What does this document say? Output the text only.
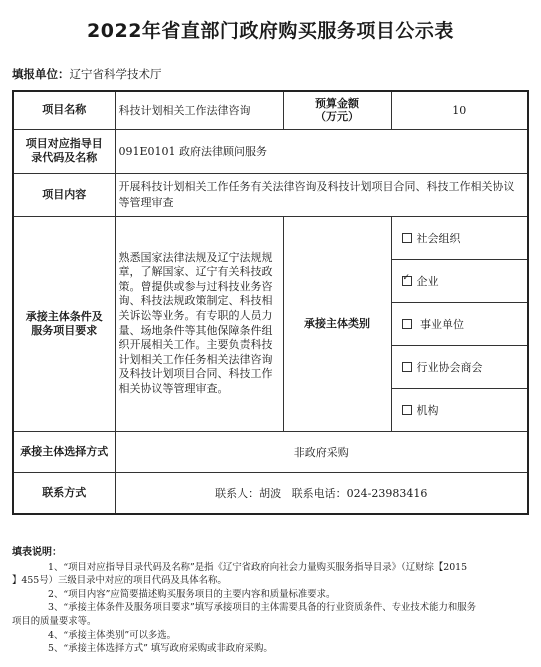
2022年省直部门政府购买服务项目公示表
填报单位：辽宁省科学技术厅
项目名称	科技计划相关工作法律咨询	预算金额
（万元）	10
项目对应指导目
录代码及名称	091E0101 政府法律顾问服务		
项目内容	开展科技计划相关工作任务有关法律咨询及科技计划项目合同、科技工作相关协议等管理审查		
承接主体条件及
服务项目要求	熟悉国家法律法规及辽宁法规规章，了解国家、辽宁有关科技政策。曾提供或参与过科技业务咨询、科技法规政策制定、科技相关诉讼等业务。有专职的人员力量、场地条件等其他保障条件组织开展相关工作。主要负责科技计划相关工作任务相关法律咨询及科技计划项目合同、科技工作相关协议等管理审查。	承接主体类别	社会组织
✓企业
			事业单位
			行业协会商会
			机构
承接主体选择方式	非政府采购		
联系方式	联系人：胡波   联系电话：024-23983416		

填表说明：

1、“项目对应指导目录代码及名称”是指《辽宁省政府向社会力量购买服务指导目录》（辽财综【2015

】455号）三级目录中对应的项目代码及具体名称。

2、“项目内容”应简要描述购买服务项目的主要内容和质量标准要求。

3、“承接主体条件及服务项目要求”填写承接项目的主体需要具备的行业资质条件、专业技术能力和服务

项目的质量要求等。

4、“承接主体类别”可以多选。

5、“承接主体选择方式” 填写政府采购或非政府采购。
